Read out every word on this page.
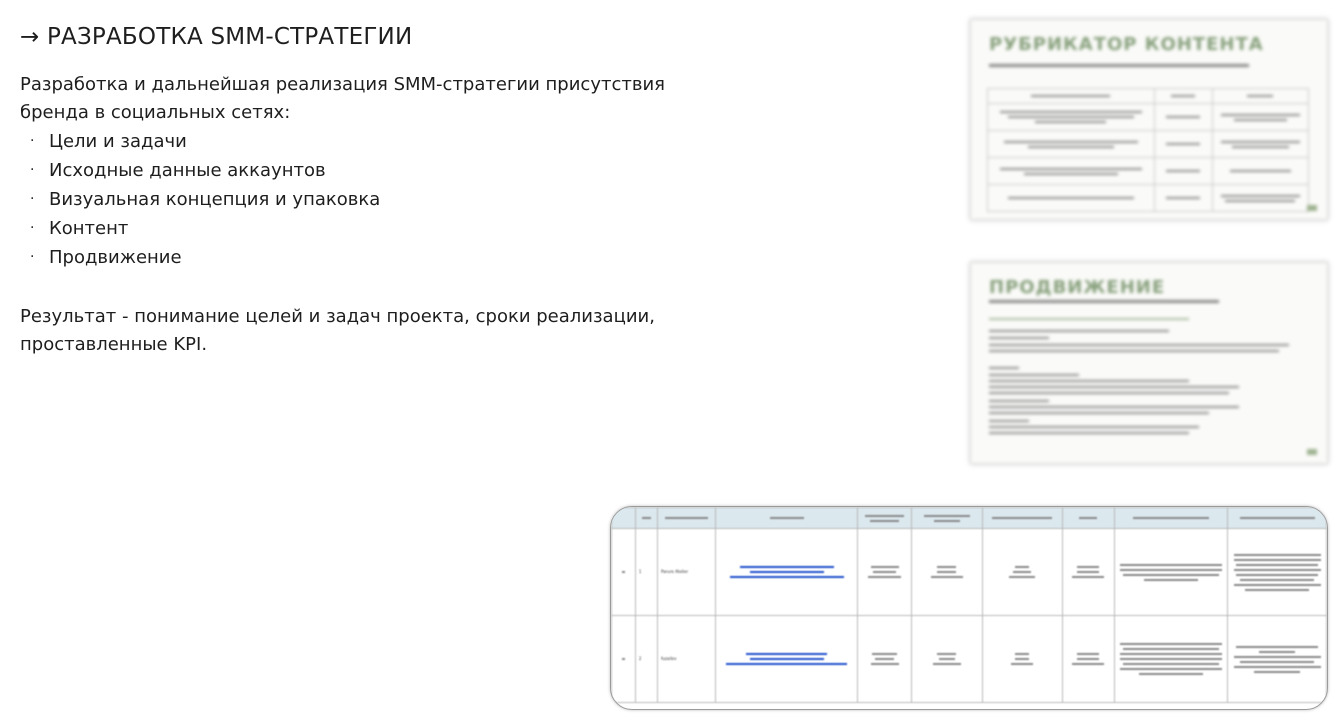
→ РАЗРАБОТКА SMM-СТРАТЕГИИ
Разработка и дальнейшая реализация SMM-стратегии присутствия бренда в социальных сетях:
· Цели и задачи
· Исходные данные аккаунтов
· Визуальная концепция и упаковка
· Контент
· Продвижение
Результат - понимание целей и задач проекта, сроки реализации, проставленные KPI.
РУБРИКАТОР КОНТЕНТА

ПРОДВИЖЕНИЕ

	1	Parure Atelier	

	2	fuzailov	
